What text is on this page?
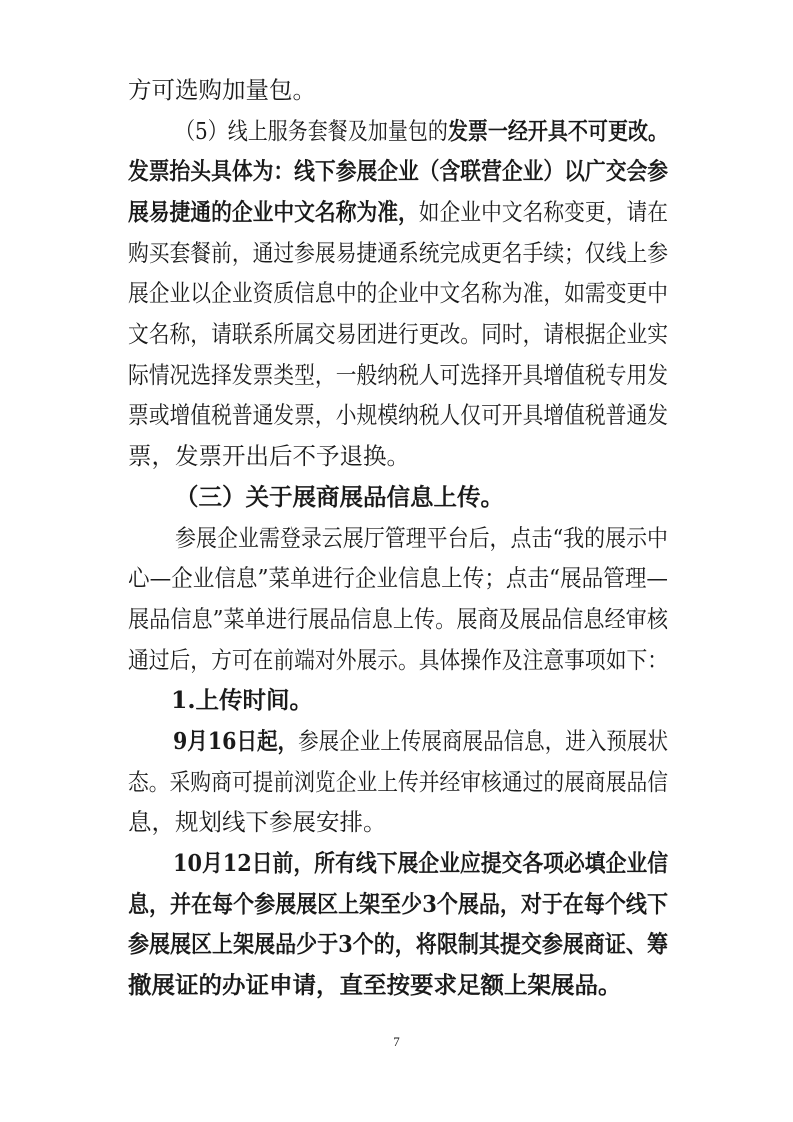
方可选购加量包。
（5）线上服务套餐及加量包的发票一经开具不可更改。
发票抬头具体为：线下参展企业（含联营企业）以广交会参
展易捷通的企业中文名称为准，如企业中文名称变更，请在
购买套餐前，通过参展易捷通系统完成更名手续；仅线上参
展企业以企业资质信息中的企业中文名称为准，如需变更中
文名称，请联系所属交易团进行更改。同时，请根据企业实
际情况选择发票类型，一般纳税人可选择开具增值税专用发
票或增值税普通发票，小规模纳税人仅可开具增值税普通发
票，发票开出后不予退换。
（三）关于展商展品信息上传。
参展企业需登录云展厅管理平台后，点击“我的展示中
心—企业信息”菜单进行企业信息上传；点击“展品管理—
展品信息”菜单进行展品信息上传。展商及展品信息经审核
通过后，方可在前端对外展示。具体操作及注意事项如下：
1.上传时间。
9月16日起，参展企业上传展商展品信息，进入预展状
态。采购商可提前浏览企业上传并经审核通过的展商展品信
息，规划线下参展安排。
10月12日前，所有线下展企业应提交各项必填企业信
息，并在每个参展展区上架至少3个展品，对于在每个线下
参展展区上架展品少于3个的，将限制其提交参展商证、筹
撤展证的办证申请，直至按要求足额上架展品。
7
